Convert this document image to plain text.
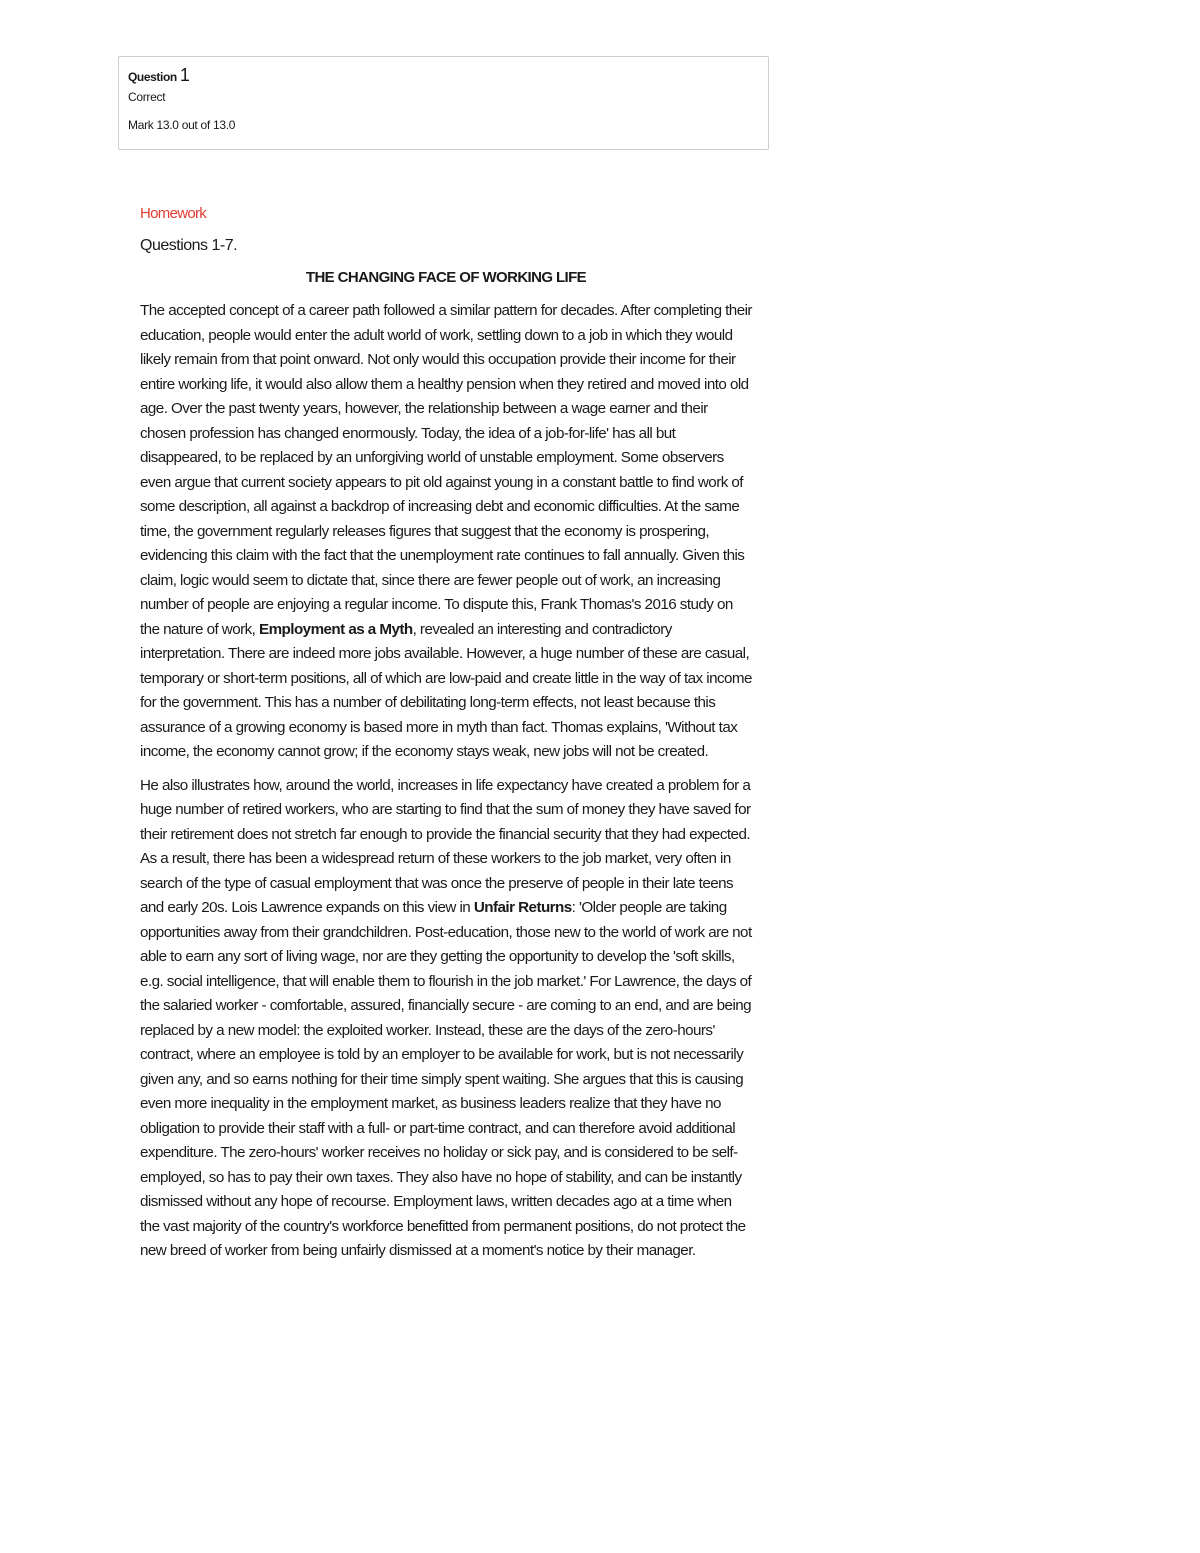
Question 1
Correct
Mark 13.0 out of 13.0
Homework
Questions 1-7.
THE CHANGING FACE OF WORKING LIFE

The accepted concept of a career path followed a similar pattern for decades. After completing their education, people would enter the adult world of work, settling down to a job in which they would likely remain from that point onward. Not only would this occupation provide their income for their entire working life, it would also allow them a healthy pension when they retired and moved into old age. Over the past twenty years, however, the relationship between a wage earner and their chosen profession has changed enormously. Today, the idea of a job-for-life' has all but disappeared, to be replaced by an unforgiving world of unstable employment. Some observers even argue that current society appears to pit old against young in a constant battle to find work of some description, all against a backdrop of increasing debt and economic difficulties. At the same time, the government regularly releases figures that suggest that the economy is prospering, evidencing this claim with the fact that the unemployment rate continues to fall annually. Given this claim, logic would seem to dictate that, since there are fewer people out of work, an increasing number of people are enjoying a regular income. To dispute this, Frank Thomas's 2016 study on the nature of work, Employment as a Myth, revealed an interesting and contradictory interpretation. There are indeed more jobs available. However, a huge number of these are casual, temporary or short-term positions, all of which are low-paid and create little in the way of tax income for the government. This has a number of debilitating long-term effects, not least because this assurance of a growing economy is based more in myth than fact. Thomas explains, 'Without tax income, the economy cannot grow; if the economy stays weak, new jobs will not be created.

He also illustrates how, around the world, increases in life expectancy have created a problem for a huge number of retired workers, who are starting to find that the sum of money they have saved for their retirement does not stretch far enough to provide the financial security that they had expected. As a result, there has been a widespread return of these workers to the job market, very often in search of the type of casual employment that was once the preserve of people in their late teens and early 20s. Lois Lawrence expands on this view in Unfair Returns: 'Older people are taking opportunities away from their grandchildren. Post-education, those new to the world of work are not able to earn any sort of living wage, nor are they getting the opportunity to develop the 'soft skills, e.g. social intelligence, that will enable them to flourish in the job market.' For Lawrence, the days of the salaried worker - comfortable, assured, financially secure - are coming to an end, and are being replaced by a new model: the exploited worker. Instead, these are the days of the zero-hours' contract, where an employee is told by an employer to be available for work, but is not necessarily given any, and so earns nothing for their time simply spent waiting. She argues that this is causing even more inequality in the employment market, as business leaders realize that they have no obligation to provide their staff with a full- or part-time contract, and can therefore avoid additional expenditure. The zero-hours' worker receives no holiday or sick pay, and is considered to be self-employed, so has to pay their own taxes. They also have no hope of stability, and can be instantly dismissed without any hope of recourse. Employment laws, written decades ago at a time when the vast majority of the country's workforce benefitted from permanent positions, do not protect the new breed of worker from being unfairly dismissed at a moment's notice by their manager.
